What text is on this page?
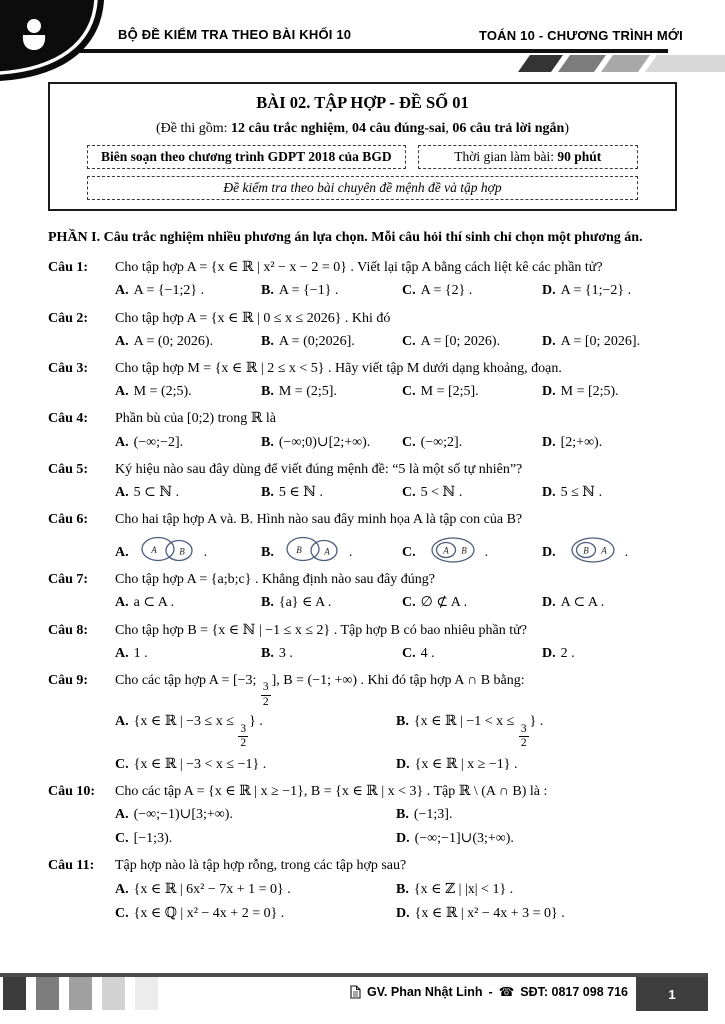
BỘ ĐỀ KIỂM TRA THEO BÀI KHỐI 10	TOÁN 10 - CHƯƠNG TRÌNH MỚI
BÀI 02. TẬP HỢP - ĐỀ SỐ 01
(Đề thi gồm: 12 câu trắc nghiệm, 04 câu đúng-sai, 06 câu trả lời ngắn)
Biên soạn theo chương trình GDPT 2018 của BGD	Thời gian làm bài: 90 phút
Đề kiểm tra theo bài chuyên đề mệnh đề và tập hợp
PHẦN I. Câu trắc nghiệm nhiều phương án lựa chọn. Mỗi câu hỏi thí sinh chỉ chọn một phương án.
Câu 1:	Cho tập hợp A = {x ∈ ℝ | x² − x − 2 = 0} . Viết lại tập A bằng cách liệt kê các phần tử?
A. A = {−1;2} .	B. A = {−1} .	C. A = {2} .	D. A = {1;−2} .
Câu 2:	Cho tập hợp A = {x ∈ ℝ | 0 ≤ x ≤ 2026} . Khi đó
A. A = (0; 2026).	B. A = (0;2026].	C. A = [0; 2026).	D. A = [0; 2026].
Câu 3:	Cho tập hợp M = {x ∈ ℝ | 2 ≤ x < 5} . Hãy viết tập M dưới dạng khoảng, đoạn.
A. M = (2;5).	B. M = (2;5].	C. M = [2;5].	D. M = [2;5).
Câu 4:	Phần bù của [0;2) trong ℝ là
A. (−∞;−2].	B. (−∞;0)∪[2;+∞).	C. (−∞;2].	D. [2;+∞).
Câu 5:	Ký hiệu nào sau đây dùng để viết đúng mệnh đề: “5 là một số tự nhiên”?
A. 5 ⊂ ℕ .	B. 5 ∈ ℕ .	C. 5 < ℕ .	D. 5 ≤ ℕ .
Câu 6:	Cho hai tập hợp A và. B. Hình nào sau đây minh họa A là tập con của B?
A. A	B .	B. B	A .	C.	A B .	D.	B A .
Câu 7:	Cho tập hợp A = {a;b;c} . Khẳng định nào sau đây đúng?
A. a ⊂ A .	B. {a} ∈ A .	C. ∅ ⊄ A .	D. A ⊂ A .
Câu 8:	Cho tập hợp B = {x ∈ ℕ | −1 ≤ x ≤ 2} . Tập hợp B có bao nhiêu phần tử?
A. 1 .	B. 3 .	C. 4 .	D. 2 .
Câu 9:	Cho các tập hợp A = [−3;
$\frac{3}{2}$
], B = (−1; +∞) . Khi đó tập hợp A ∩ B bằng:
A. {x ∈ ℝ | −3 ≤ x ≤
$\frac{3}{2}$
} .	B. {x ∈ ℝ | −1 < x ≤
$\frac{3}{2}$
} .
C. {x ∈ ℝ | −3 < x ≤ −1} .	D. {x ∈ ℝ | x ≥ −1} .
Câu 10:	Cho các tập A = {x ∈ ℝ | x ≥ −1}, B = {x ∈ ℝ | x < 3} . Tập ℝ \ (A ∩ B) là :
A. (−∞;−1)∪[3;+∞).	B. (−1;3].
C. [−1;3).	D. (−∞;−1]∪(3;+∞).
Câu 11:	Tập hợp nào là tập hợp rỗng, trong các tập hợp sau?
A. {x ∈ ℝ | 6x² − 7x + 1 = 0} .	B. {x ∈ ℤ | |x| < 1} .
C. {x ∈ ℚ | x² − 4x + 2 = 0} .	D. {x ∈ ℝ | x² − 4x + 3 = 0} .
GV. Phan Nhật Linh - ☎ SĐT: 0817 098 716	1
